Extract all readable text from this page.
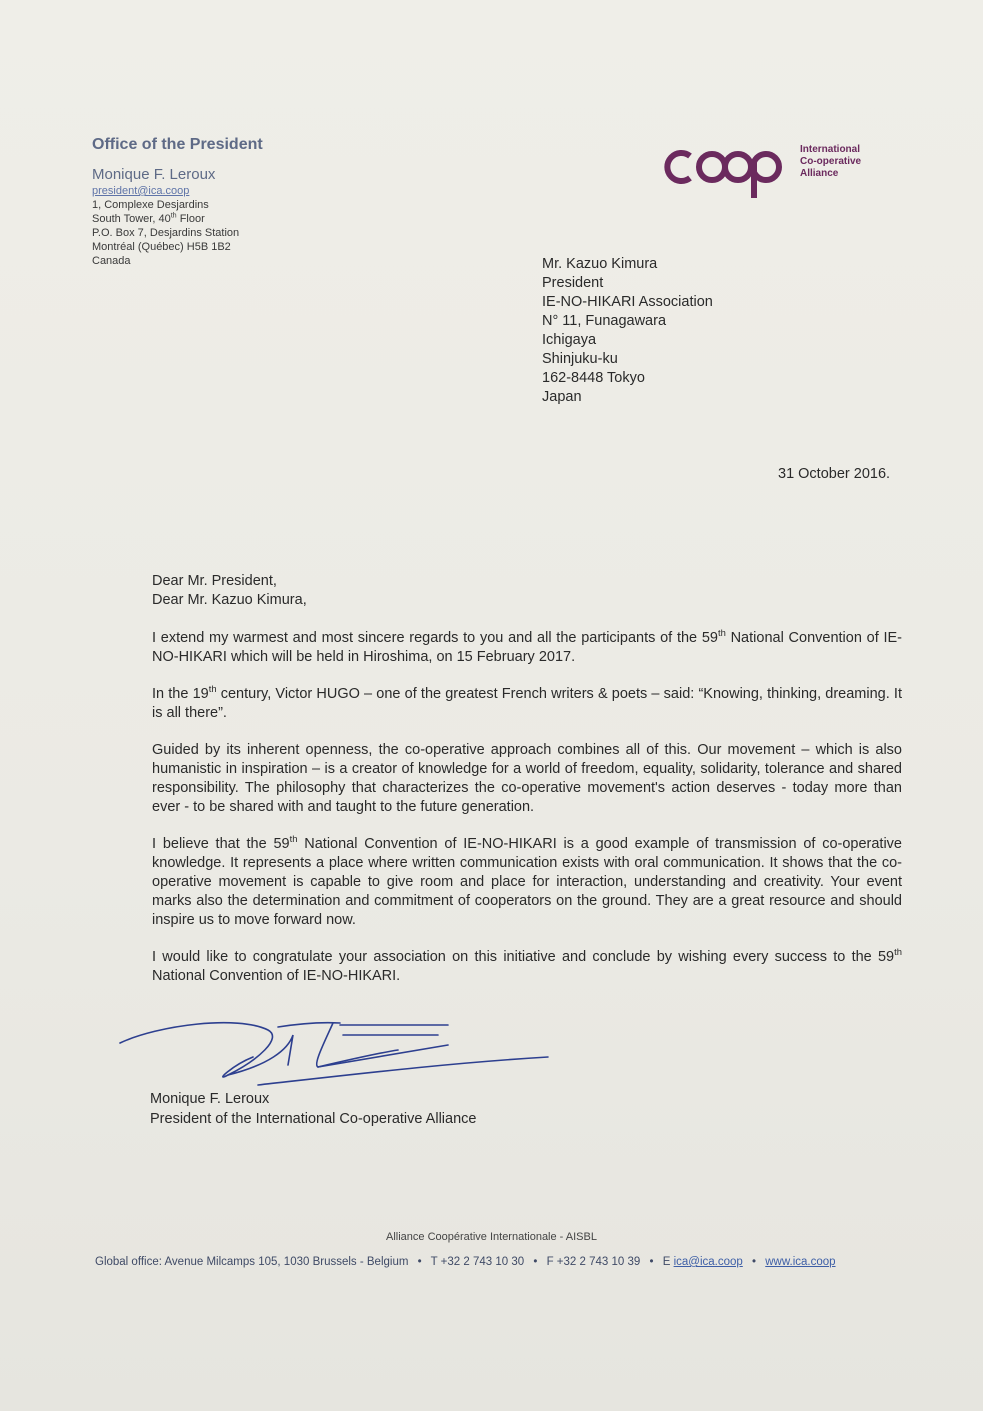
Office of the President
Monique F. Leroux
president@ica.coop
1, Complexe Desjardins
South Tower, 40th Floor
P.O. Box 7, Desjardins Station
Montréal (Québec) H5B 1B2
Canada
International
Co-operative
Alliance
Mr. Kazuo Kimura
President
IE-NO-HIKARI Association
N° 11, Funagawara
Ichigaya
Shinjuku-ku
162-8448 Tokyo
Japan
31 October 2016.
Dear Mr. President,
Dear Mr. Kazuo Kimura,

I extend my warmest and most sincere regards to you and all the participants of the 59th National Convention of IE-NO-HIKARI which will be held in Hiroshima, on 15 February 2017.

In the 19th century, Victor HUGO – one of the greatest French writers & poets – said: “Knowing, thinking, dreaming. It is all there”.

Guided by its inherent openness, the co-operative approach combines all of this. Our movement – which is also humanistic in inspiration – is a creator of knowledge for a world of freedom, equality, solidarity, tolerance and shared responsibility. The philosophy that characterizes the co-operative movement's action deserves - today more than ever - to be shared with and taught to the future generation.

I believe that the 59th National Convention of IE-NO-HIKARI is a good example of transmission of co-operative knowledge. It represents a place where written communication exists with oral communication. It shows that the co-operative movement is capable to give room and place for interaction, understanding and creativity. Your event marks also the determination and commitment of cooperators on the ground. They are a great resource and should inspire us to move forward now.

I would like to congratulate your association on this initiative and conclude by wishing every success to the 59th National Convention of IE-NO-HIKARI.

Monique F. Leroux
President of the International Co-operative Alliance
Alliance Coopérative Internationale - AISBL
Global office: Avenue Milcamps 105, 1030 Brussels - Belgium • T +32 2 743 10 30 • F +32 2 743 10 39 • E ica@ica.coop • www.ica.coop
